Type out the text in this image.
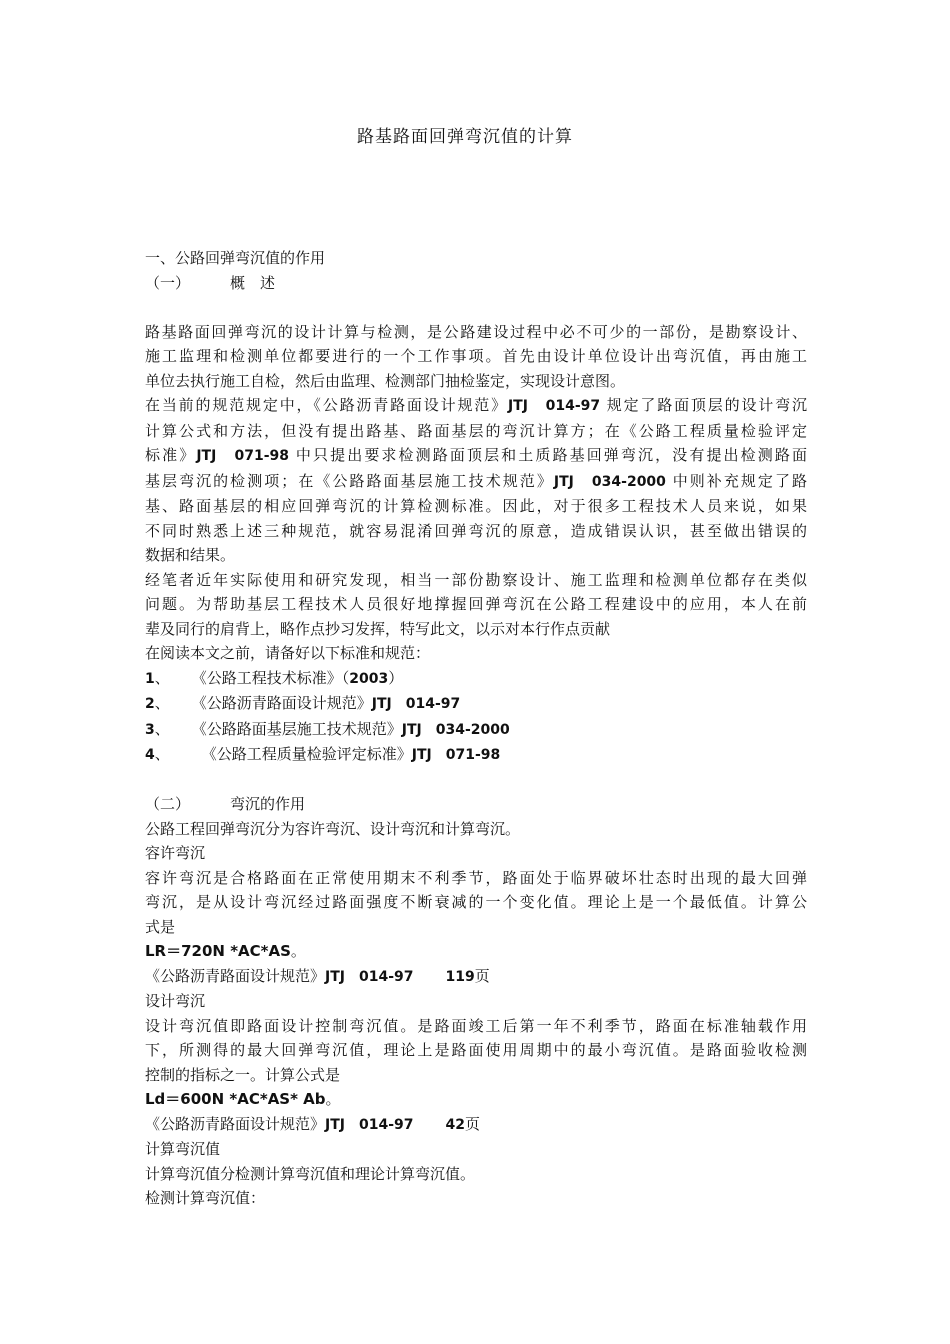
路基路面回弹弯沉值的计算
一、公路回弹弯沉值的作用
（一）	概　述
路基路面回弹弯沉的设计计算与检测，是公路建设过程中必不可少的一部份，是勘察设计、
施工监理和检测单位都要进行的一个工作事项。首先由设计单位设计出弯沉值，再由施工
单位去执行施工自检，然后由监理、检测部门抽检鉴定，实现设计意图。
在当前的规范规定中，《公路沥青路面设计规范》JTJ　014-97 规定了路面顶层的设计弯沉
计算公式和方法，但没有提出路基、路面基层的弯沉计算方；在《公路工程质量检验评定
标准》JTJ　071-98 中只提出要求检测路面顶层和土质路基回弹弯沉，没有提出检测路面
基层弯沉的检测项；在《公路路面基层施工技术规范》JTJ　034-2000 中则补充规定了路
基、路面基层的相应回弹弯沉的计算检测标准。因此，对于很多工程技术人员来说，如果
不同时熟悉上述三种规范，就容易混淆回弹弯沉的原意，造成错误认识，甚至做出错误的
数据和结果。
经笔者近年实际使用和研究发现，相当一部份勘察设计、施工监理和检测单位都存在类似
问题。为帮助基层工程技术人员很好地撑握回弹弯沉在公路工程建设中的应用，本人在前
辈及同行的肩背上，略作点抄习发挥，特写此文，以示对本行作点贡献
在阅读本文之前，请备好以下标准和规范：
1、 《公路工程技术标准》（2003）
2、 《公路沥青路面设计规范》JTJ　014-97
3、 《公路路面基层施工技术规范》JTJ　034-2000
4、 《公路工程质量检验评定标准》JTJ　071-98
（二）	弯沉的作用
公路工程回弹弯沉分为容许弯沉、设计弯沉和计算弯沉。
容许弯沉
容许弯沉是合格路面在正常使用期末不利季节，路面处于临界破坏壮态时出现的最大回弹
弯沉，是从设计弯沉经过路面强度不断衰减的一个变化值。理论上是一个最低值。计算公
式是
LR＝720N *AC*AS。
《公路沥青路面设计规范》JTJ　014-97 119页
设计弯沉
设计弯沉值即路面设计控制弯沉值。是路面竣工后第一年不利季节，路面在标准轴载作用
下，所测得的最大回弹弯沉值，理论上是路面使用周期中的最小弯沉值。是路面验收检测
控制的指标之一。计算公式是
Ld＝600N *AC*AS* Ab。
《公路沥青路面设计规范》JTJ　014-97 42页
计算弯沉值
计算弯沉值分检测计算弯沉值和理论计算弯沉值。
检测计算弯沉值：
